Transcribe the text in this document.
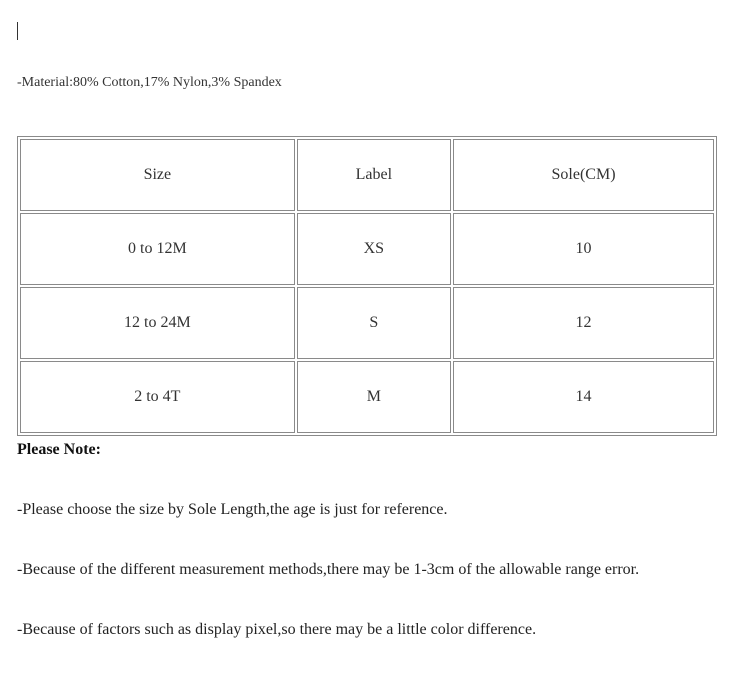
-Material:80% Cotton,17% Nylon,3% Spandex
Size	Label	Sole(CM)
0 to 12M	XS	10
12 to 24M	S	12
2 to 4T	M	14
Please Note:
-Please choose the size by Sole Length,the age is just for reference.
-Because of the different measurement methods,there may be 1-3cm of the allowable range error.
-Because of factors such as display pixel,so there may be a little color difference.
